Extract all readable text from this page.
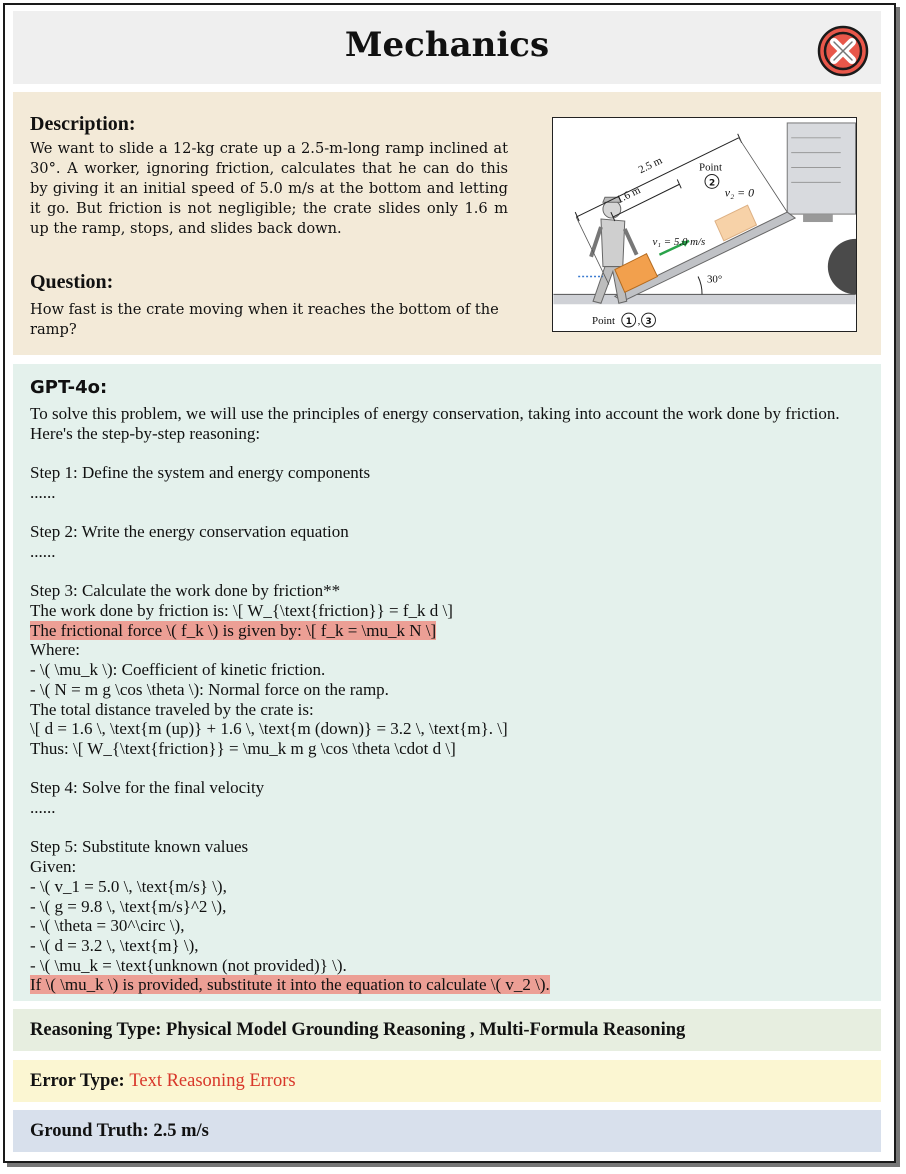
Mechanics
Description:
We want to slide a 12-kg crate up a 2.5-m-long ramp inclined at 30°. A worker, ignoring friction, calculates that he can do this by giving it an initial speed of 5.0 m/s at the bottom and letting it go. But friction is not negligible; the crate slides only 1.6 m up the ramp, stops, and slides back down.
Question:
How fast is the crate moving when it reaches the bottom of the ramp?
30°
2.5 m
1.6 m
Point
2
v₂ = 0
v₁ = 5.0 m/s
Point 1 , 3
GPT-4o:
To solve this problem, we will use the principles of energy conservation, taking into account the work done by friction. Here's the step-by-step reasoning:
Step 1: Define the system and energy components
......
Step 2: Write the energy conservation equation
......
Step 3: Calculate the work done by friction**
The work done by friction is: \[ W_{\text{friction}} = f_k d \]
The frictional force \( f_k \) is given by: \[ f_k = \mu_k N \]
Where:
- \( \mu_k \): Coefficient of kinetic friction.
- \( N = m g \cos \theta \): Normal force on the ramp.
The total distance traveled by the crate is:
\[ d = 1.6 \, \text{m (up)} + 1.6 \, \text{m (down)} = 3.2 \, \text{m}. \]
Thus: \[ W_{\text{friction}} = \mu_k m g \cos \theta \cdot d \]
Step 4: Solve for the final velocity
......
Step 5: Substitute known values
Given:
- \( v_1 = 5.0 \, \text{m/s} \),
- \( g = 9.8 \, \text{m/s}^2 \),
- \( \theta = 30^\circ \),
- \( d = 3.2 \, \text{m} \),
- \( \mu_k = \text{unknown (not provided)} \).
If \( \mu_k \) is provided, substitute it into the equation to calculate \( v_2 \).
Reasoning Type: Physical Model Grounding Reasoning , Multi-Formula Reasoning
Error Type: Text Reasoning Errors
Ground Truth: 2.5 m/s
